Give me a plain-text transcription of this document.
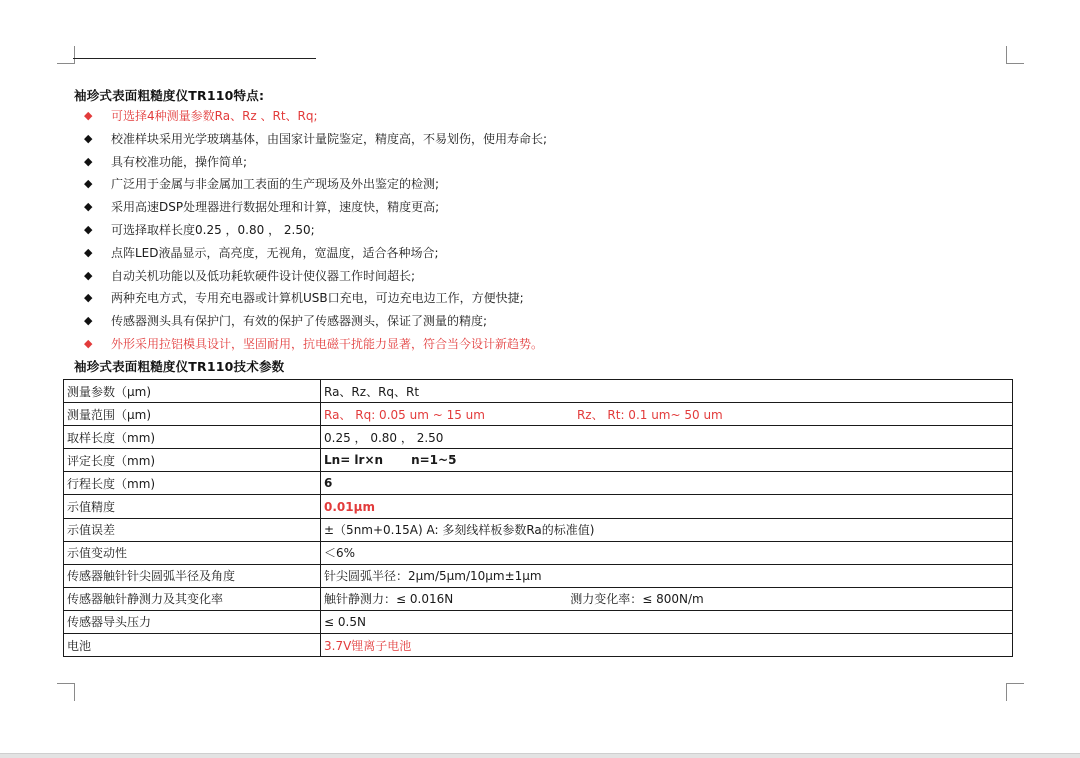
袖珍式表面粗糙度仪TR110特点:
◆	可选择4种测量参数Ra、Rz 、Rt、Rq;
◆	校准样块采用光学玻璃基体，由国家计量院鉴定，精度高，不易划伤，使用寿命长;
◆	具有校准功能，操作简单;
◆	广泛用于金属与非金属加工表面的生产现场及外出鉴定的检测;
◆	采用高速DSP处理器进行数据处理和计算，速度快，精度更高;
◆	可选择取样长度0.25 ，0.80 ， 2.50;
◆	点阵LED液晶显示，高亮度，无视角，宽温度，适合各种场合;
◆	自动关机功能以及低功耗软硬件设计使仪器工作时间超长;
◆	两种充电方式，专用充电器或计算机USB口充电，可边充电边工作，方便快捷;
◆	传感器测头具有保护门，有效的保护了传感器测头，保证了测量的精度;
◆	外形采用拉铝模具设计，坚固耐用，抗电磁干扰能力显著，符合当今设计新趋势。
袖珍式表面粗糙度仪TR110技术参数
测量参数（μm)	Ra、Rz、Rq、Rt
测量范围（μm)	Ra、 Rq: 0.05 um ~ 15 um Rz、 Rt: 0.1 um~ 50 um
取样长度（mm)	0.25 ， 0.80 ， 2.50
评定长度（mm)	Ln= lr×n n=1~5
行程长度（mm)	6
示值精度	0.01μm
示值误差	±（5nm+0.15A) A: 多刻线样板参数Ra的标准值)
示值变动性	＜6%
传感器触针针尖圆弧半径及角度	针尖圆弧半径：2μm/5μm/10μm±1μm
传感器触针静测力及其变化率	触针静测力：≤ 0.016N 测力变化率：≤ 800N/m
传感器导头压力	≤ 0.5N
电池	3.7V锂离子电池
